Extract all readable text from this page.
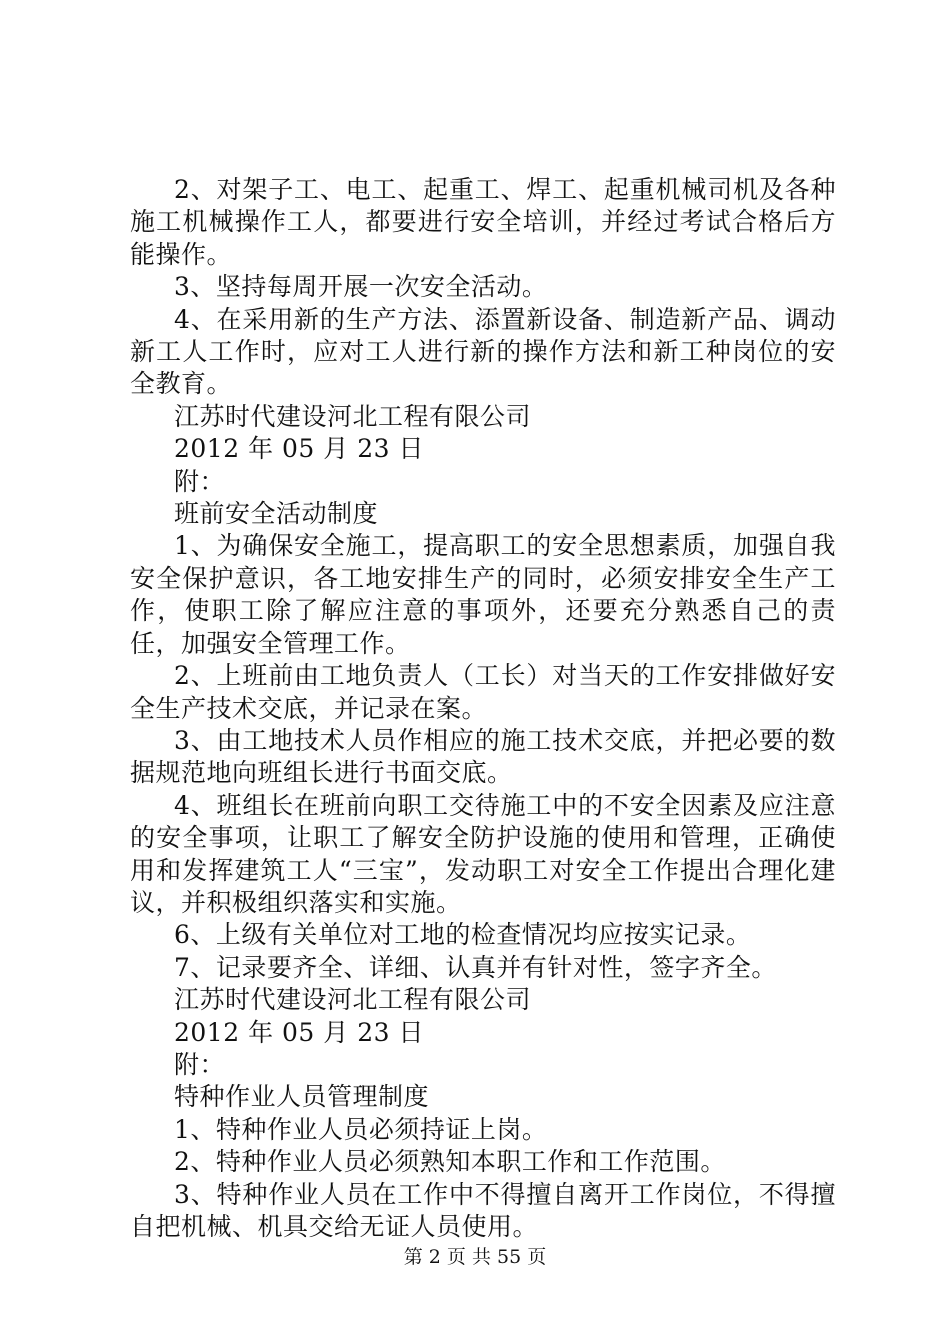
2、对架子工、电工、起重工、焊工、起重机械司机及各种施工机械操作工人，都要进行安全培训，并经过考试合格后方能操作。

3、坚持每周开展一次安全活动。

4、在采用新的生产方法、添置新设备、制造新产品、调动新工人工作时，应对工人进行新的操作方法和新工种岗位的安全教育。

江苏时代建设河北工程有限公司

2012 年 05 月 23 日

附：

班前安全活动制度

1、为确保安全施工，提高职工的安全思想素质，加强自我安全保护意识，各工地安排生产的同时，必须安排安全生产工作，使职工除了解应注意的事项外，还要充分熟悉自己的责任，加强安全管理工作。

2、上班前由工地负责人（工长）对当天的工作安排做好安全生产技术交底，并记录在案。

3、由工地技术人员作相应的施工技术交底，并把必要的数据规范地向班组长进行书面交底。

4、班组长在班前向职工交待施工中的不安全因素及应注意的安全事项，让职工了解安全防护设施的使用和管理，正确使用和发挥建筑工人“三宝”，发动职工对安全工作提出合理化建议，并积极组织落实和实施。

6、上级有关单位对工地的检查情况均应按实记录。

7、记录要齐全、详细、认真并有针对性，签字齐全。

江苏时代建设河北工程有限公司

2012 年 05 月 23 日

附：

特种作业人员管理制度

1、特种作业人员必须持证上岗。

2、特种作业人员必须熟知本职工作和工作范围。

3、特种作业人员在工作中不得擅自离开工作岗位，不得擅自把机械、机具交给无证人员使用。

第 2 页 共 55 页
